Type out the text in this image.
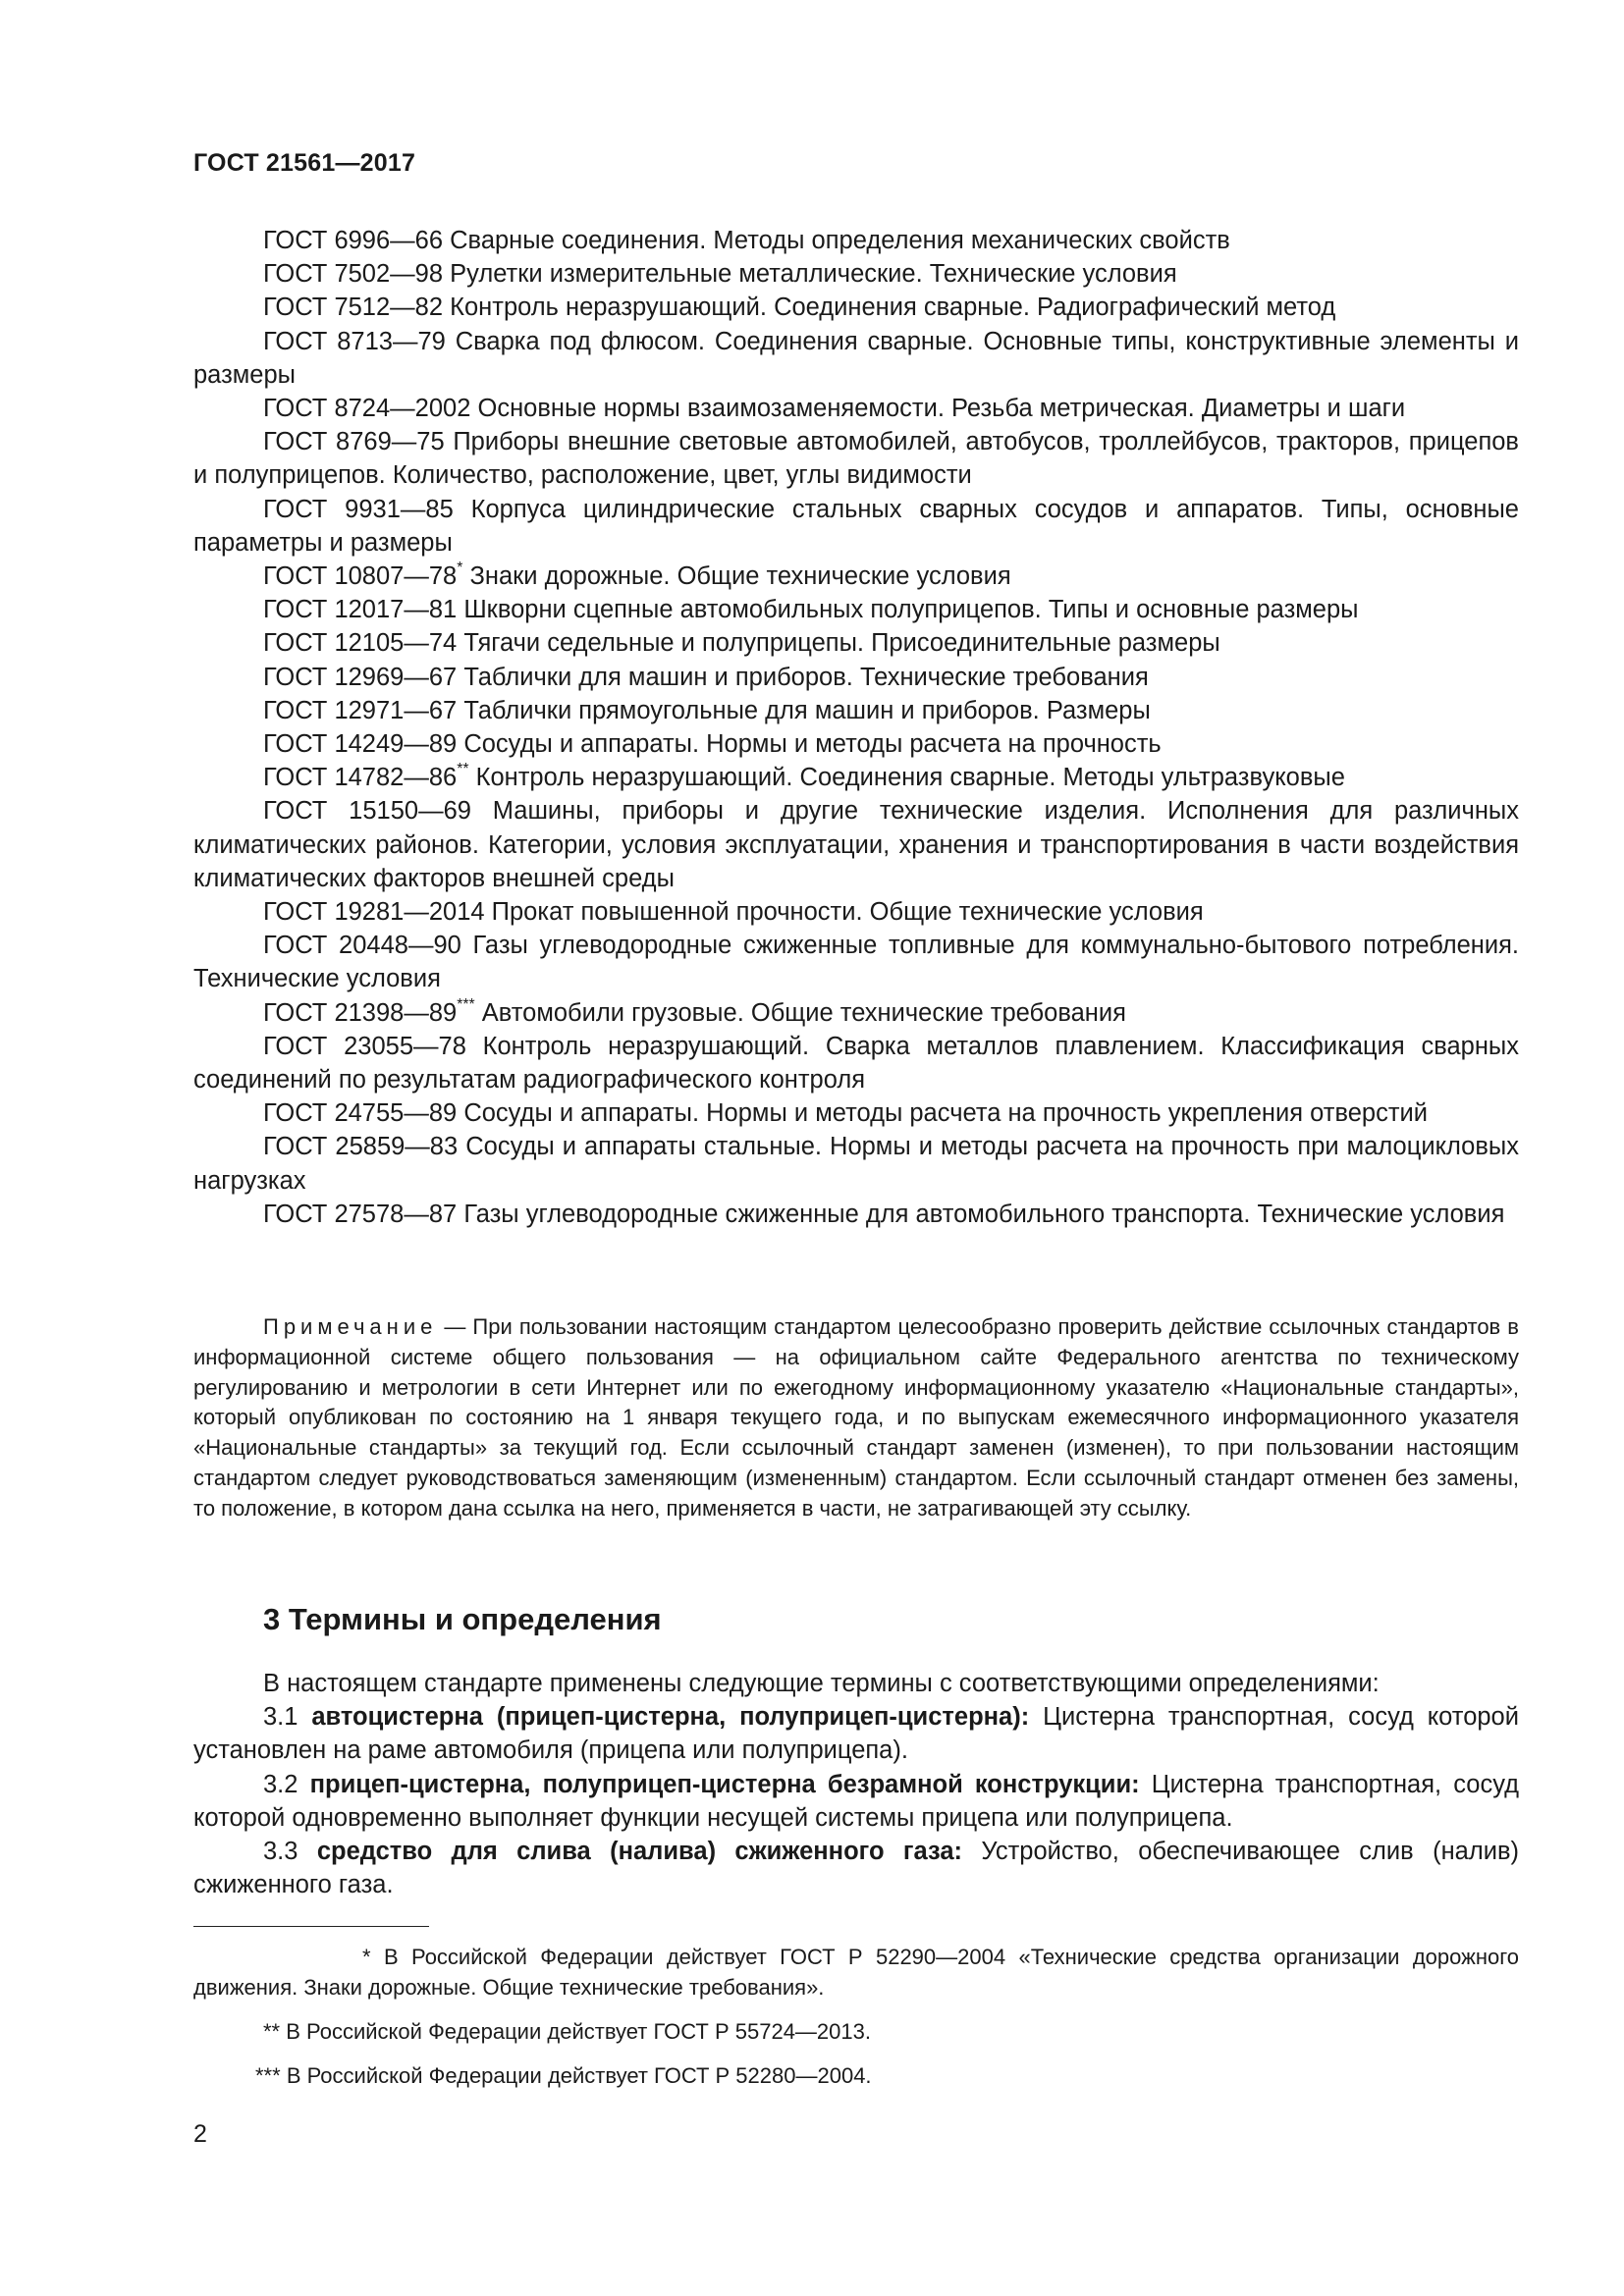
ГОСТ 21561—2017

ГОСТ 6996—66 Сварные соединения. Методы определения механических свойств

ГОСТ 7502—98 Рулетки измерительные металлические. Технические условия

ГОСТ 7512—82 Контроль неразрушающий. Соединения сварные. Радиографический метод

ГОСТ 8713—79 Сварка под флюсом. Соединения сварные. Основные типы, конструктивные элементы и размеры

ГОСТ 8724—2002 Основные нормы взаимозаменяемости. Резьба метрическая. Диаметры и шаги

ГОСТ 8769—75 Приборы внешние световые автомобилей, автобусов, троллейбусов, тракторов, прицепов и полуприцепов. Количество, расположение, цвет, углы видимости

ГОСТ 9931—85 Корпуса цилиндрические стальных сварных сосудов и аппаратов. Типы, основные параметры и размеры

ГОСТ 10807—78* Знаки дорожные. Общие технические условия

ГОСТ 12017—81 Шкворни сцепные автомобильных полуприцепов. Типы и основные размеры

ГОСТ 12105—74 Тягачи седельные и полуприцепы. Присоединительные размеры

ГОСТ 12969—67 Таблички для машин и приборов. Технические требования

ГОСТ 12971—67 Таблички прямоугольные для машин и приборов. Размеры

ГОСТ 14249—89 Сосуды и аппараты. Нормы и методы расчета на прочность

ГОСТ 14782—86** Контроль неразрушающий. Соединения сварные. Методы ультразвуковые

ГОСТ 15150—69 Машины, приборы и другие технические изделия. Исполнения для различных климатических районов. Категории, условия эксплуатации, хранения и транспортирования в части воздействия климатических факторов внешней среды

ГОСТ 19281—2014 Прокат повышенной прочности. Общие технические условия

ГОСТ 20448—90 Газы углеводородные сжиженные топливные для коммунально-бытового потребления. Технические условия

ГОСТ 21398—89*** Автомобили грузовые. Общие технические требования

ГОСТ 23055—78 Контроль неразрушающий. Сварка металлов плавлением. Классификация сварных соединений по результатам радиографического контроля

ГОСТ 24755—89 Сосуды и аппараты. Нормы и методы расчета на прочность укрепления отверстий

ГОСТ 25859—83 Сосуды и аппараты стальные. Нормы и методы расчета на прочность при малоцикловых нагрузках

ГОСТ 27578—87 Газы углеводородные сжиженные для автомобильного транспорта. Технические условия

Примечание — При пользовании настоящим стандартом целесообразно проверить действие ссылочных стандартов в информационной системе общего пользования — на официальном сайте Федерального агентства по техническому регулированию и метрологии в сети Интернет или по ежегодному информационному указателю «Национальные стандарты», который опубликован по состоянию на 1 января текущего года, и по выпускам ежемесячного информационного указателя «Национальные стандарты» за текущий год. Если ссылочный стандарт заменен (изменен), то при пользовании настоящим стандартом следует руководствоваться заменяющим (измененным) стандартом. Если ссылочный стандарт отменен без замены, то положение, в котором дана ссылка на него, применяется в части, не затрагивающей эту ссылку.

3 Термины и определения

В настоящем стандарте применены следующие термины с соответствующими определениями:

3.1 автоцистерна (прицеп-цистерна, полуприцеп-цистерна): Цистерна транспортная, сосуд которой установлен на раме автомобиля (прицепа или полуприцепа).

3.2 прицеп-цистерна, полуприцеп-цистерна безрамной конструкции: Цистерна транспортная, сосуд которой одновременно выполняет функции несущей системы прицепа или полуприцепа.

3.3 средство для слива (налива) сжиженного газа: Устройство, обеспечивающее слив (налив) сжиженного газа.

* В Российской Федерации действует ГОСТ Р 52290—2004 «Технические средства организации дорожного движения. Знаки дорожные. Общие технические требования».

** В Российской Федерации действует ГОСТ Р 55724—2013.

*** В Российской Федерации действует ГОСТ Р 52280—2004.

2
